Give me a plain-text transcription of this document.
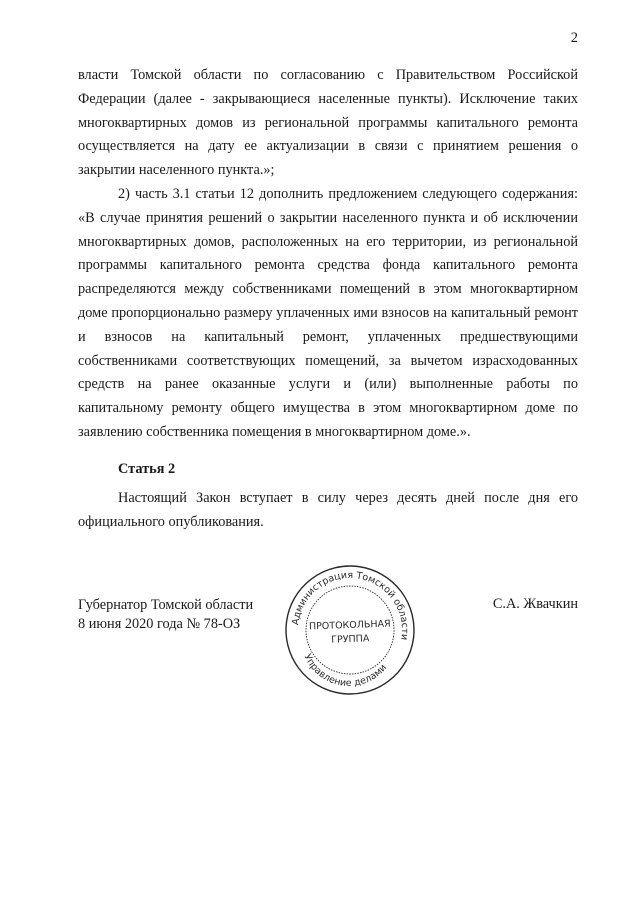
2

власти Томской области по согласованию с Правительством Российской Федерации (далее - закрывающиеся населенные пункты). Исключение таких многоквартирных домов из региональной программы капитального ремонта осуществляется на дату ее актуализации в связи с принятием решения о закрытии населенного пункта.»;

2) часть 3.1 статьи 12 дополнить предложением следующего содержания: «В случае принятия решений о закрытии населенного пункта и об исключении многоквартирных домов, расположенных на его территории, из региональной программы капитального ремонта средства фонда капитального ремонта распределяются между собственниками помещений в этом многоквартирном доме пропорционально размеру уплаченных ими взносов на капитальный ремонт и взносов на капитальный ремонт, уплаченных предшествующими собственниками соответствующих помещений, за вычетом израсходованных средств на ранее оказанные услуги и (или) выполненные работы по капитальному ремонту общего имущества в этом многоквартирном доме по заявлению собственника помещения в многоквартирном доме.».

Статья 2
Настоящий Закон вступает в силу через десять дней после дня его официального опубликования.
Губернатор Томской области
8 июня 2020 года № 78-ОЗ
С.А. Жвачкин
Администрация Томской области
Управление делами
ПРОТОКОЛЬНАЯ
ГРУППА
